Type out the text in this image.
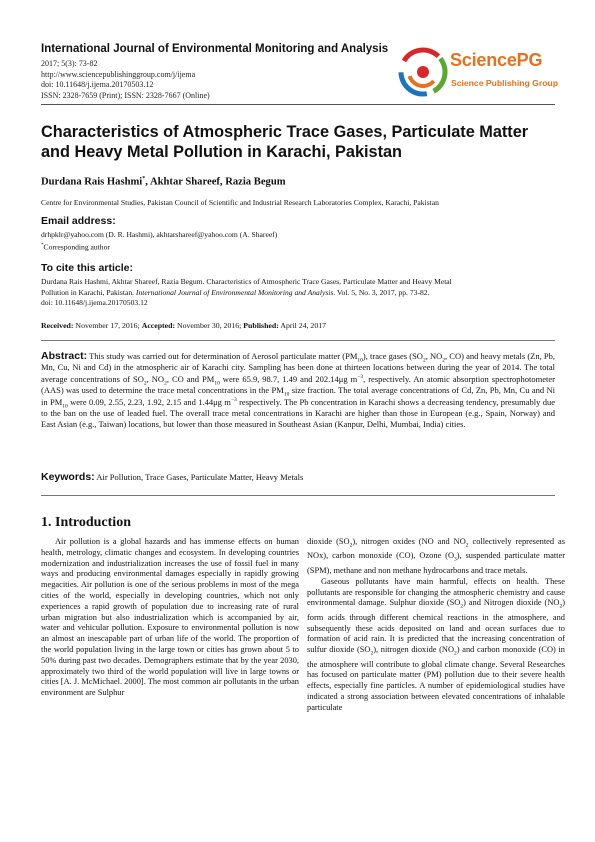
International Journal of Environmental Monitoring and Analysis
2017; 5(3): 73-82
http://www.sciencepublishinggroup.com/j/ijema
doi: 10.11648/j.ijema.20170503.12
ISSN: 2328-7659 (Print); ISSN: 2328-7667 (Online)
SciencePG
Science Publishing Group
Characteristics of Atmospheric Trace Gases, Particulate Matter and Heavy Metal Pollution in Karachi, Pakistan
Durdana Rais Hashmi*, Akhtar Shareef, Razia Begum
Centre for Environmental Studies, Pakistan Council of Scientific and Industrial Research Laboratories Complex, Karachi, Pakistan
Email address:
drhpklr@yahoo.com (D. R. Hashmi), akhtarshareef@yahoo.com (A. Shareef)
*Corresponding author
To cite this article:
Durdana Rais Hashmi, Akhtar Shareef, Razia Begum. Characteristics of Atmospheric Trace Gases, Particulate Matter and Heavy Metal
Pollution in Karachi, Pakistan. International Journal of Environmental Monitoring and Analysis. Vol. 5, No. 3, 2017, pp. 73-82.
doi: 10.11648/j.ijema.20170503.12
Received: November 17, 2016; Accepted: November 30, 2016; Published: April 24, 2017
Abstract: This study was carried out for determination of Aerosol particulate matter $(PM_{10})$, trace gases ($SO_2$, $NO_2$, CO) and heavy metals (Zn, Pb, Mn, Cu, Ni and Cd) in the atmospheric air of Karachi city. Sampling has been done at thirteen locations between during the year of 2014. The total average concentrations of $SO_2$, $NO_2$, CO and $PM_{10}$ were 65.9, 98.7, 1.49 and 202.14μg $m^{-3}$, respectively. An atomic absorption spectrophotometer (AAS) was used to determine the trace metal concentrations in the $PM_{10}$ size fraction. The total average concentrations of Cd, Zn, Pb, Mn, Cu and Ni in $PM_{10}$ were 0.09, 2.55, 2.23, 1.92, 2.15 and 1.44μg $m^{-3}$ respectively. The Pb concentration in Karachi shows a decreasing tendency, presumably due to the ban on the use of leaded fuel. The overall trace metal concentrations in Karachi are higher than those in European (e.g., Spain, Norway) and East Asian (e.g., Taiwan) locations, but lower than those measured in Southeast Asian (Kanpur, Delhi, Mumbai, India) cities.
Keywords: Air Pollution, Trace Gases, Particulate Matter, Heavy Metals
1. Introduction

Air pollution is a global hazards and has immense effects on human health, metrology, climatic changes and ecosystem. In developing countries modernization and industrialization increases the use of fossil fuel in many ways and producing environmental damages especially in rapidly growing megacities. Air pollution is one of the serious problems in most of the mega cities of the world, especially in developing countries, which not only experiences a rapid growth of population due to increasing rate of rural urban migration but also industrialization which is accompanied by air, water and vehicular pollution. Exposure to environmental pollution is now an almost an inescapable part of urban life of the world. The proportion of the world population living in the large town or cities has grown about 5 to 50% during past two decades. Demographers estimate that by the year 2030, approximately two third of the world population will live in large towns or cities [A. J. McMichael. 2000]. The most common air pollutants in the urban environment are Sulphur

dioxide $(SO_2)$, nitrogen oxides (NO and $NO_2$ collectively represented as NOx), carbon monoxide (CO), Ozone $(O_3)$, suspended particulate matter (SPM), methane and non methane hydrocarbons and trace metals.

Gaseous pollutants have main harmful, effects on health. These pollutants are responsible for changing the atmospheric chemistry and cause environmental damage. Sulphur dioxide $(SO_2)$ and Nitrogen dioxide $(NO_2)$ form acids through different chemical reactions in the atmosphere, and subsequently these acids deposited on land and ocean surfaces due to formation of acid rain. It is predicted that the increasing concentration of sulfur dioxide $(SO_2)$, nitrogen dioxide $(NO_2)$ and carbon monoxide (CO) in the atmosphere will contribute to global climate change. Several Researches has focused on particulate matter (PM) pollution due to their severe health effects, especially fine particles. A number of epidemiological studies have indicated a strong association between elevated concentrations of inhalable particulate
